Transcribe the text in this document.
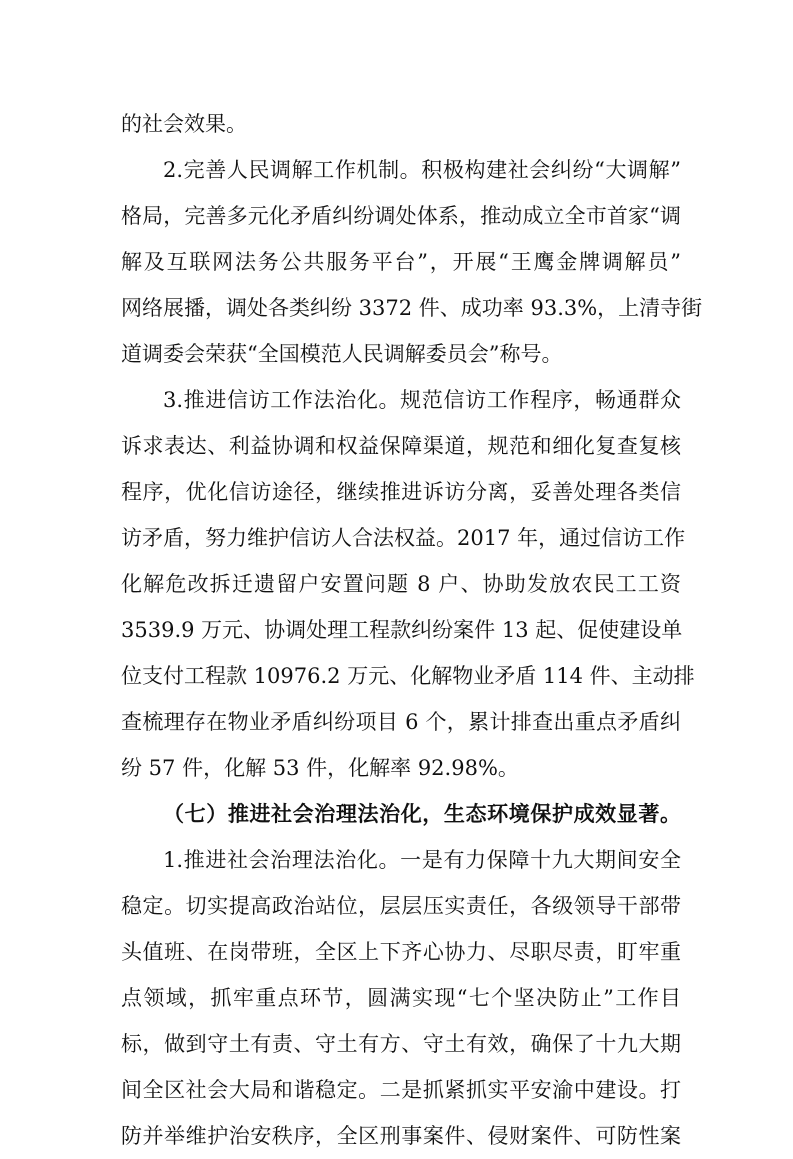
的社会效果。
2.完善人民调解工作机制。积极构建社会纠纷“大调解”
格局，完善多元化矛盾纠纷调处体系，推动成立全市首家“调
解及互联网法务公共服务平台”，开展“王鹰金牌调解员”
网络展播，调处各类纠纷 3372 件、成功率 93.3%，上清寺街
道调委会荣获“全国模范人民调解委员会”称号。
3.推进信访工作法治化。规范信访工作程序，畅通群众
诉求表达、利益协调和权益保障渠道，规范和细化复查复核
程序，优化信访途径，继续推进诉访分离，妥善处理各类信
访矛盾，努力维护信访人合法权益。2017 年，通过信访工作
化解危改拆迁遗留户安置问题 8 户、协助发放农民工工资
3539.9 万元、协调处理工程款纠纷案件 13 起、促使建设单
位支付工程款 10976.2 万元、化解物业矛盾 114 件、主动排
查梳理存在物业矛盾纠纷项目 6 个，累计排查出重点矛盾纠
纷 57 件，化解 53 件，化解率 92.98%。
（七）推进社会治理法治化，生态环境保护成效显著。
1.推进社会治理法治化。一是有力保障十九大期间安全
稳定。切实提高政治站位，层层压实责任，各级领导干部带
头值班、在岗带班，全区上下齐心协力、尽职尽责，盯牢重
点领域，抓牢重点环节，圆满实现“七个坚决防止”工作目
标，做到守土有责、守土有方、守土有效，确保了十九大期
间全区社会大局和谐稳定。二是抓紧抓实平安渝中建设。打
防并举维护治安秩序，全区刑事案件、侵财案件、可防性案
